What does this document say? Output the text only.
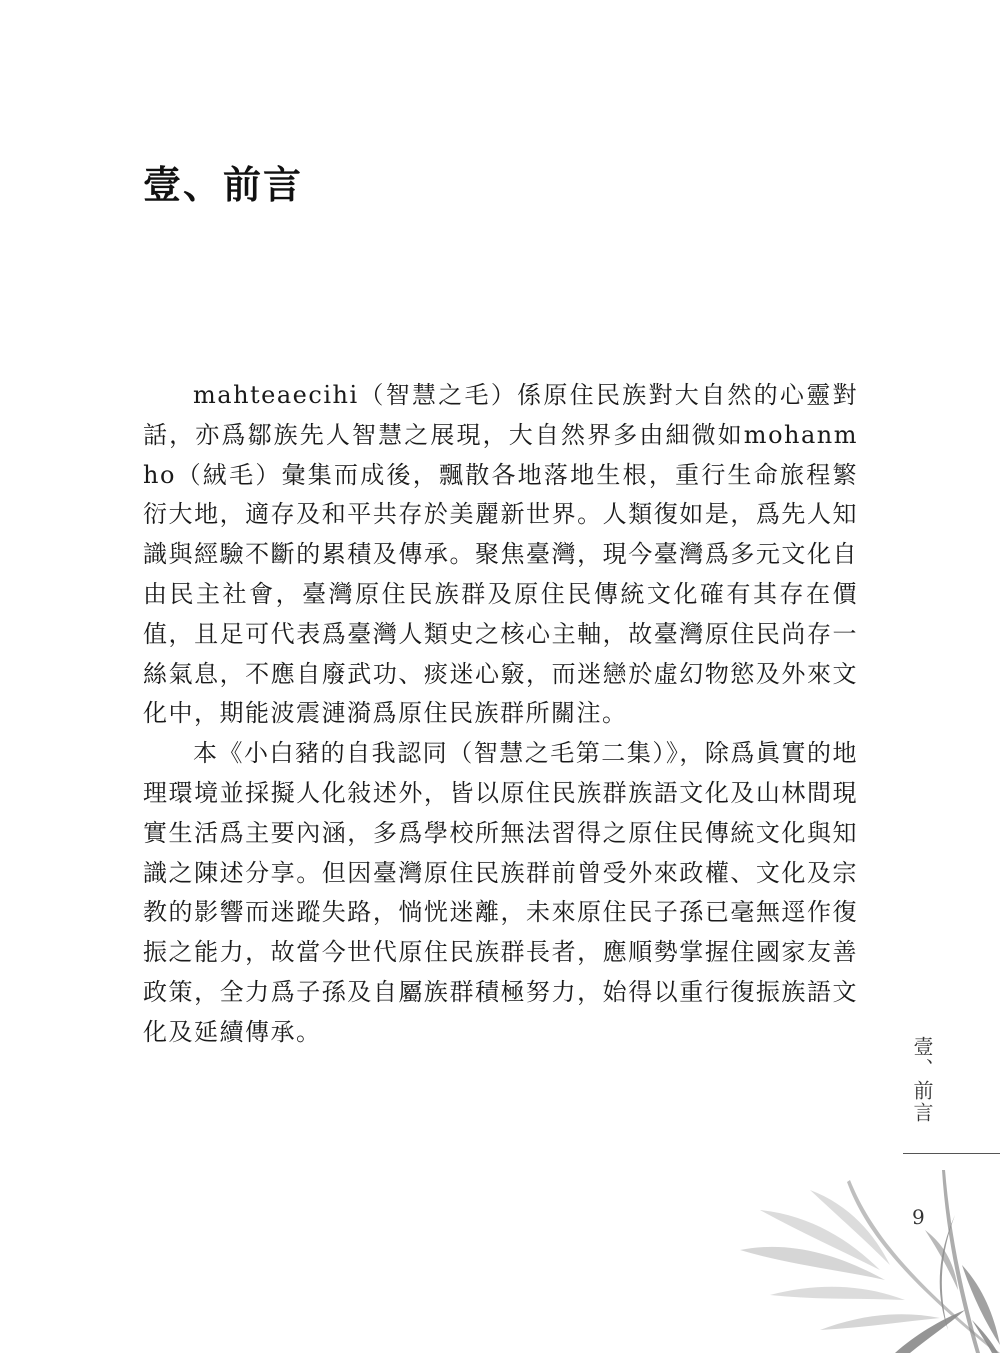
壹、前言

mahteaecihi（智慧之毛）係原住民族對大自然的心靈對話，亦爲鄒族先人智慧之展現，大自然界多由細微如mohanmho（絨毛）彙集而成後，飄散各地落地生根，重行生命旅程繁衍大地，適存及和平共存於美麗新世界。人類復如是，爲先人知識與經驗不斷的累積及傳承。聚焦臺灣，現今臺灣爲多元文化自由民主社會，臺灣原住民族群及原住民傳統文化確有其存在價值，且足可代表爲臺灣人類史之核心主軸，故臺灣原住民尚存一絲氣息，不應自廢武功、痰迷心竅，而迷戀於虛幻物慾及外來文化中，期能波震漣漪爲原住民族群所關注。

本《小白豬的自我認同（智慧之毛第二集）》，除爲眞實的地理環境並採擬人化敍述外，皆以原住民族群族語文化及山林間現實生活爲主要內涵，多爲學校所無法習得之原住民傳統文化與知識之陳述分享。但因臺灣原住民族群前曾受外來政權、文化及宗教的影響而迷蹤失路，惝恍迷離，未來原住民子孫已毫無逕作復振之能力，故當今世代原住民族群長者，應順勢掌握住國家友善政策，全力爲子孫及自屬族群積極努力，始得以重行復振族語文化及延續傳承。

壹、前言
9
